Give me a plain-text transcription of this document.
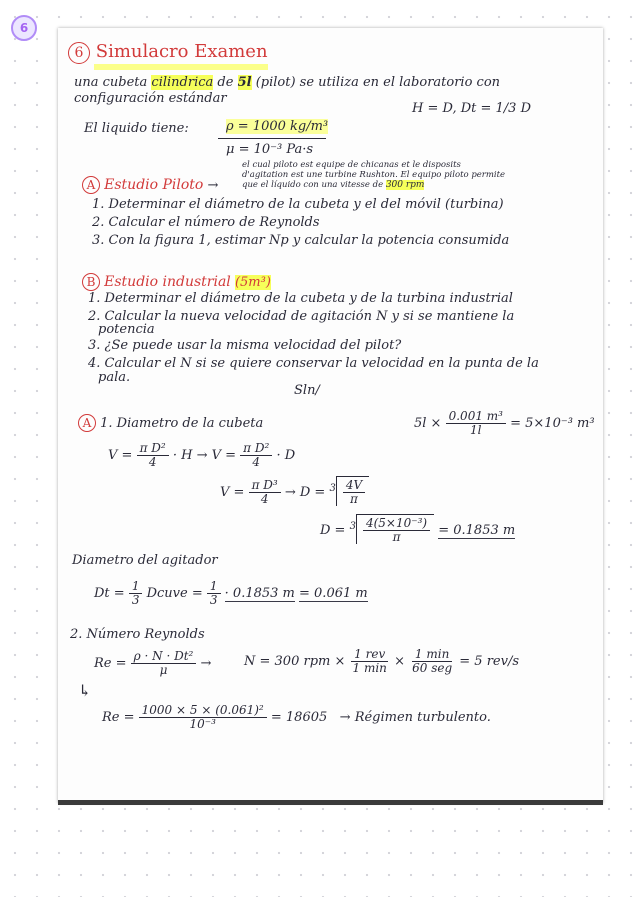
6
6 Simulacro Examen
una cubeta cilindrica de 5l (pilot) se utiliza en el laboratorio con
configuración estándar
H = D, Dt = 1/3 D
El liquido tiene:	ρ = 1000 kg/m³
μ = 10⁻³ Pa·s
A Estudio Piloto →
el cual piloto est equipe de chicanas et le disposits
d'agitation est une turbine Rushton. El equipo piloto permite
que el líquido con una vitesse de 300 rpm
1. Determinar el diámetro de la cubeta y el del móvil (turbina)
2. Calcular el número de Reynolds
3. Con la figura 1, estimar Np y calcular la potencia consumida
B Estudio industrial (5m³)
1. Determinar el diámetro de la cubeta y de la turbina industrial
2. Calcular la nueva velocidad de agitación N y si se mantiene la
potencia
3. ¿Se puede usar la misma velocidad del pilot?
4. Calcular el N si se quiere conservar la velocidad en la punta de la
pala.
Sln/
A 1. Diametro de la cubeta	$5l \times \frac{\text{0.001 m³}}{1l} = 5\times 10^{-3}$ m³
$V = \frac{\text{π D²}}{4} \cdot H \to V = \frac{\text{π D²}}{4} \cdot D$
$V = \frac{\text{π D³}}{4} \to D = ^3 \frac{4V}{\pi}$
$D = ^3 \frac{\text{4(5×10⁻³)}}{\pi} = 0.1853$ m
Diametro del agitador
$Dt = \frac{1}{3}$ Dcuve = $\frac{1}{3} \cdot 0.1853$ m = 0.061 m
2. Número Reynolds
$Re = \frac{\text{ρ · N · Dt²}}{\mu}$ →	N = 300 rpm × $\frac{\text{1 rev}}{1 \min} \times \frac{1 \min}{\text{60 seg}} = 5$ rev/s
↳
$Re = \frac{\text{1000 × 5 × (0.061)²}}{\text{10⁻³}} = 18605$ → Régimen turbulento.
